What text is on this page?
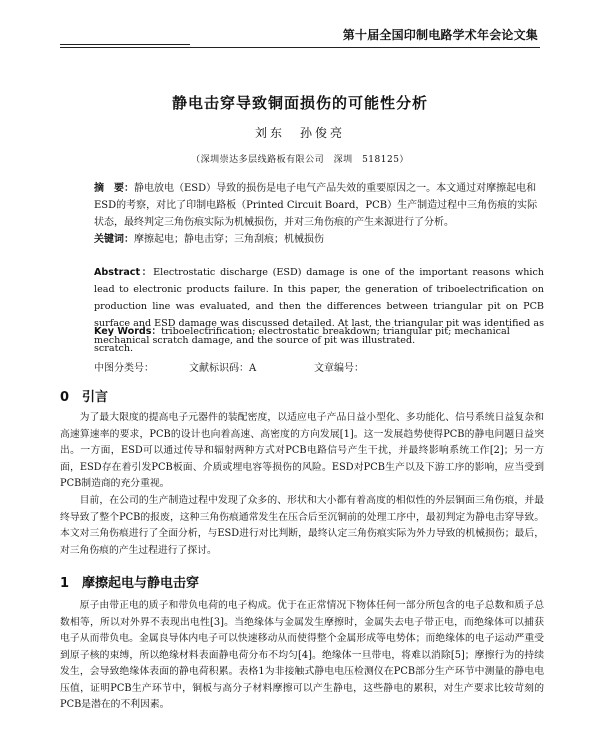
第十届全国印制电路学术年会论文集
静电击穿导致铜面损伤的可能性分析
刘东　孙俊亮
（深圳崇达多层线路板有限公司　深圳　518125）
摘　要：静电放电（ESD）导致的损伤是电子电气产品失效的重要原因之一。本文通过对摩擦起电和ESD的考察，对比了印制电路板（Printed Circuit Board，PCB）生产制造过程中三角伤痕的实际状态，最终判定三角伤痕实际为机械损伤，并对三角伤痕的产生来源进行了分析。
关键词：摩擦起电；静电击穿；三角刮痕；机械损伤
Abstract：Electrostatic discharge (ESD) damage is one of the important reasons which lead to electronic products failure. In this paper, the generation of triboelectrification on production line was evaluated, and then the differences between triangular pit on PCB surface and ESD damage was discussed detailed. At last, the triangular pit was identified as mechanical scratch damage, and the source of pit was illustrated.
Key Words：triboelectrification; electrostatic breakdown; triangular pit; mechanical scratch.
中图分类号：	文献标识码：A	文章编号：
0 引言
为了最大限度的提高电子元器件的装配密度，以适应电子产品日益小型化、多功能化、信号系统日益复杂和高速算速率的要求，PCB的设计也向着高速、高密度的方向发展[1]。这一发展趋势使得PCB的静电问题日益突出。一方面，ESD可以通过传导和辐射两种方式对PCB电路信号产生干扰，并最终影响系统工作[2]；另一方面，ESD存在着引发PCB板面、介质或埋电容等损伤的风险。ESD对PCB生产以及下游工序的影响，应当受到PCB制造商的充分重视。
目前，在公司的生产制造过程中发现了众多的、形状和大小都有着高度的相似性的外层铜面三角伤痕，并最终导致了整个PCB的报废，这种三角伤痕通常发生在压合后至沉铜前的处理工序中，最初判定为静电击穿导致。本文对三角伤痕进行了全面分析，与ESD进行对比判断，最终认定三角伤痕实际为外力导致的机械损伤；最后，对三角伤痕的产生过程进行了探讨。
1 摩擦起电与静电击穿
原子由带正电的质子和带负电荷的电子构成。优于在正常情况下物体任何一部分所包含的电子总数和质子总数相等，所以对外界不表现出电性[3]。当绝缘体与金属发生摩擦时，金属失去电子带正电，而绝缘体可以捕获电子从而带负电。金属良导体内电子可以快速移动从而使得整个金属形成等电势体；而绝缘体的电子运动严重受到原子核的束缚，所以绝缘材料表面静电荷分布不均匀[4]。绝缘体一旦带电，将难以消除[5]；摩擦行为的持续发生，会导致绝缘体表面的静电荷积累。表格1为非接触式静电电压检测仪在PCB部分生产环节中测量的静电电压值，证明PCB生产环节中，铜板与高分子材料摩擦可以产生静电，这些静电的累积，对生产要求比较苛刻的PCB是潜在的不利因素。
